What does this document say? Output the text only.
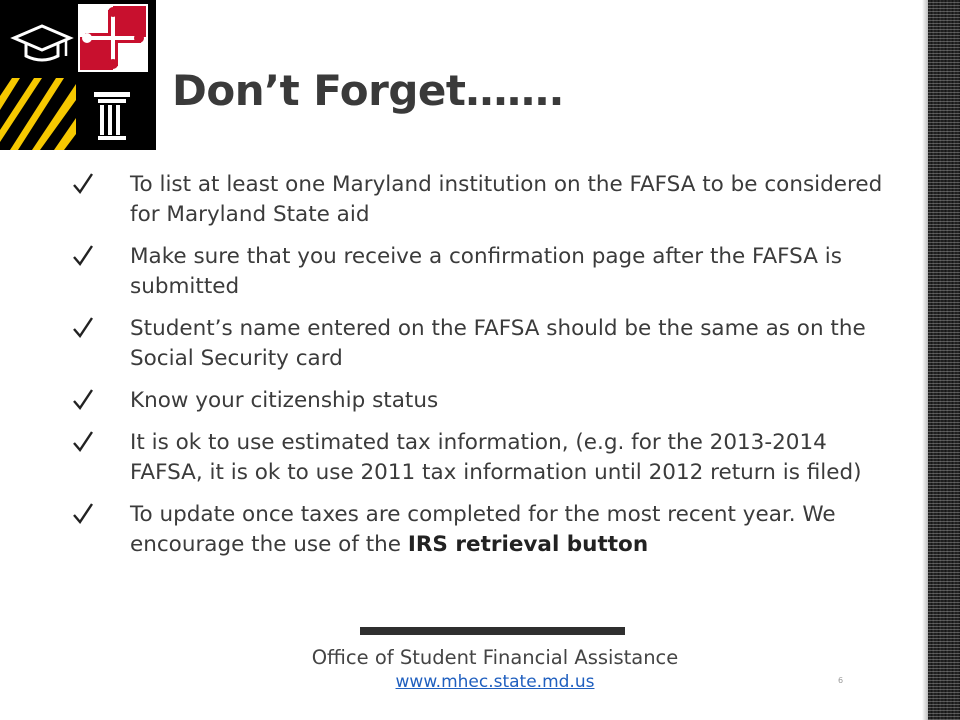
Don’t Forget…….
To list at least one Maryland institution on the FAFSA to be considered for Maryland State aid
Make sure that you receive a confirmation page after the FAFSA is submitted
Student’s name entered on the FAFSA should be the same as on the Social Security card
Know your citizenship status
It is ok to use estimated tax information, (e.g. for the 2013-2014 FAFSA, it is ok to use 2011 tax information until 2012 return is filed)
To update once taxes are completed for the most recent year. We encourage the use of the IRS retrieval button
Office of Student Financial Assistance
www.mhec.state.md.us	6
